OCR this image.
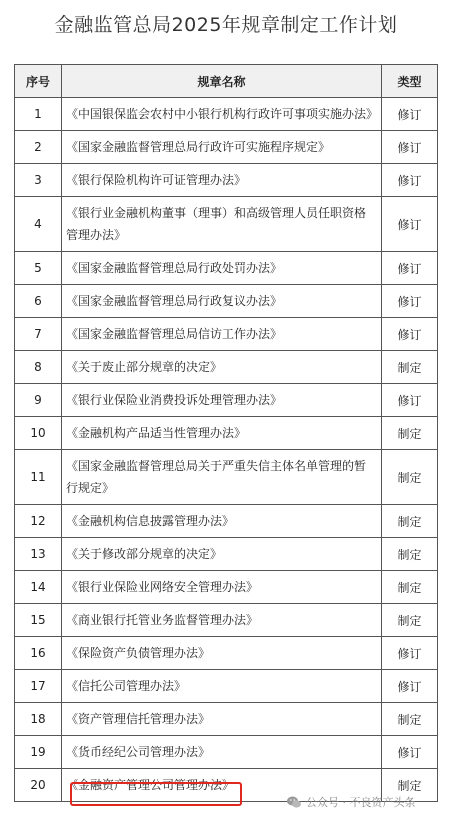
金融监管总局2025年规章制定工作计划
序号	规章名称	类型
1	《中国银保监会农村中小银行机构行政许可事项实施办法》	修订
2	《国家金融监督管理总局行政许可实施程序规定》	修订
3	《银行保险机构许可证管理办法》	修订
4	《银行业金融机构董事（理事）和高级管理人员任职资格管理办法》	修订
5	《国家金融监督管理总局行政处罚办法》	修订
6	《国家金融监督管理总局行政复议办法》	修订
7	《国家金融监督管理总局信访工作办法》	修订
8	《关于废止部分规章的决定》	制定
9	《银行业保险业消费投诉处理管理办法》	修订
10	《金融机构产品适当性管理办法》	制定
11	《国家金融监督管理总局关于严重失信主体名单管理的暂行规定》	制定
12	《金融机构信息披露管理办法》	制定
13	《关于修改部分规章的决定》	制定
14	《银行业保险业网络安全管理办法》	制定
15	《商业银行托管业务监督管理办法》	制定
16	《保险资产负债管理办法》	修订
17	《信托公司管理办法》	修订
18	《资产管理信托管理办法》	制定
19	《货币经纪公司管理办法》	修订
20	《金融资产管理公司管理办法》	制定
公众号 · 不良资产头条
